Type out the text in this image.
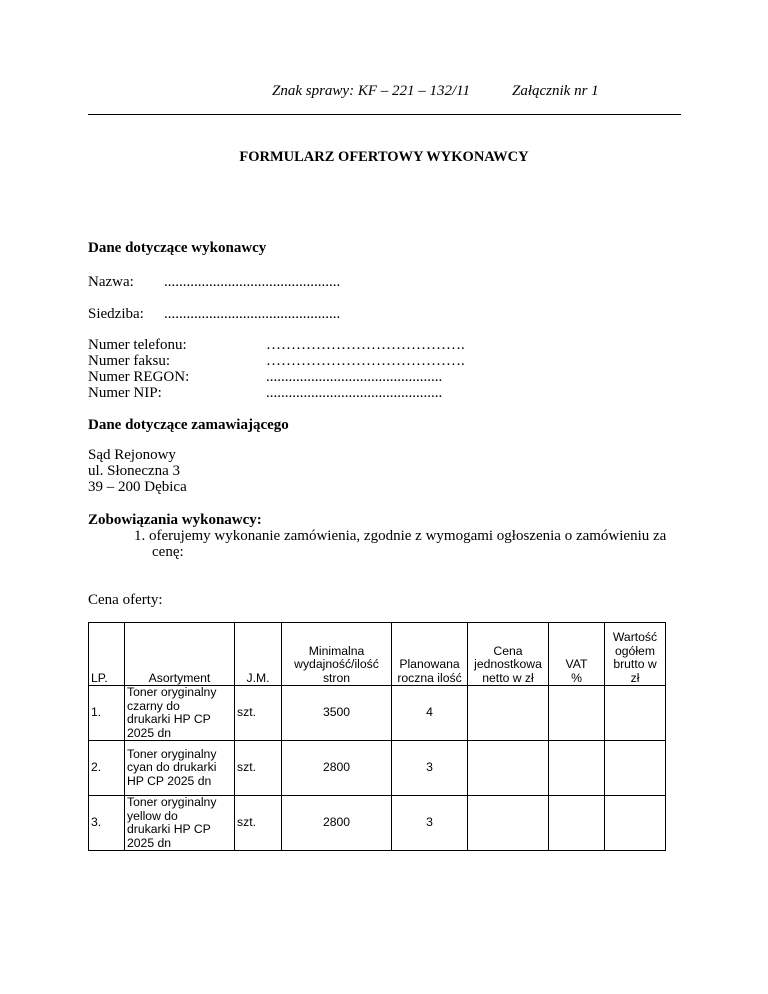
Znak sprawy: KF – 221 – 132/11	Załącznik nr 1
FORMULARZ OFERTOWY WYKONAWCY
Dane dotyczące wykonawcy
Nazwa: ...............................................
Siedziba: ...............................................
Numer telefonu:	………………………………….
Numer faksu:	………………………………….
Numer REGON:	...............................................
Numer NIP:	...............................................
Dane dotyczące zamawiającego
Sąd Rejonowy
ul. Słoneczna 3
39 – 200 Dębica
Zobowiązania wykonawcy:
1. oferujemy wykonanie zamówienia, zgodnie z wymogami ogłoszenia o zamówieniu za
cenę:
Cena oferty:
LP.	Asortyment	J.M.	Minimalna
wydajność/ilość
stron	Planowana
roczna ilość	Cena
jednostkowa
netto w zł	VAT
%	Wartość
ogółem
brutto w
zł
1.	Toner oryginalny
czarny do
drukarki HP CP
2025 dn	szt.	3500	4			
2.	Toner oryginalny
cyan do drukarki
HP CP 2025 dn	szt.	2800	3			
3.	Toner oryginalny
yellow do
drukarki HP CP
2025 dn	szt.	2800	3			
